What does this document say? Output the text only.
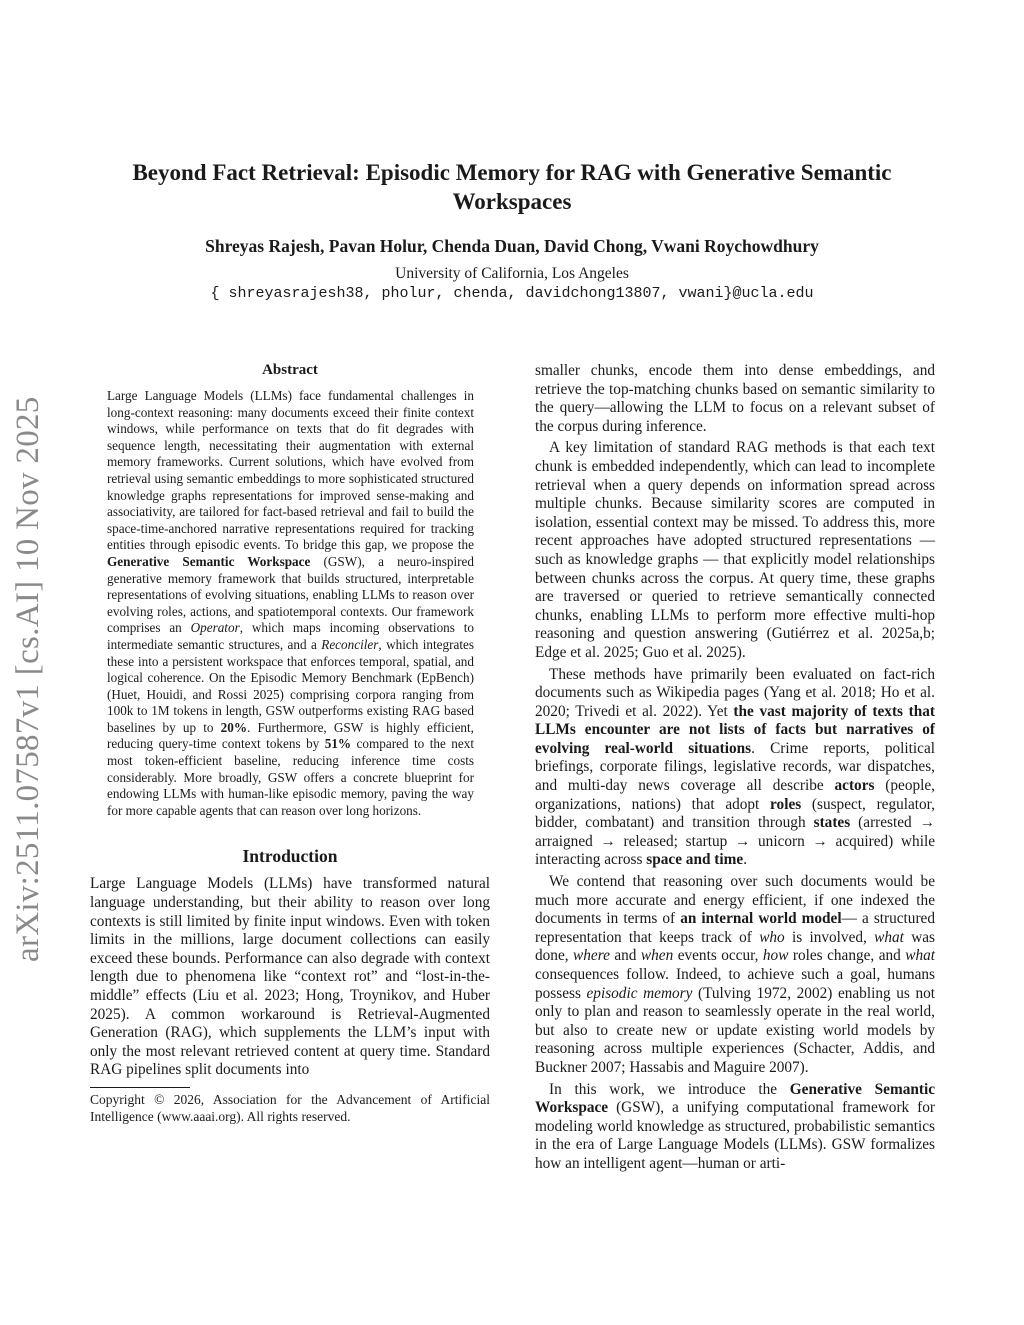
arXiv:2511.07587v1 [cs.AI] 10 Nov 2025
Beyond Fact Retrieval: Episodic Memory for RAG with Generative Semantic Workspaces
Shreyas Rajesh, Pavan Holur, Chenda Duan, David Chong, Vwani Roychowdhury
University of California, Los Angeles
{ shreyasrajesh38, pholur, chenda, davidchong13807, vwani}@ucla.edu
Abstract

Large Language Models (LLMs) face fundamental challenges in long-context reasoning: many documents exceed their finite context windows, while performance on texts that do fit degrades with sequence length, necessitating their augmentation with external memory frameworks. Current solutions, which have evolved from retrieval using semantic embeddings to more sophisticated structured knowledge graphs representations for improved sense-making and associativity, are tailored for fact-based retrieval and fail to build the space-time-anchored narrative representations required for tracking entities through episodic events. To bridge this gap, we propose the Generative Semantic Workspace (GSW), a neuro-inspired generative memory framework that builds structured, interpretable representations of evolving situations, enabling LLMs to reason over evolving roles, actions, and spatiotemporal contexts. Our framework comprises an Operator, which maps incoming observations to intermediate semantic structures, and a Reconciler, which integrates these into a persistent workspace that enforces temporal, spatial, and logical coherence. On the Episodic Memory Benchmark (EpBench) (Huet, Houidi, and Rossi 2025) comprising corpora ranging from 100k to 1M tokens in length, GSW outperforms existing RAG based baselines by up to 20%. Furthermore, GSW is highly efficient, reducing query-time context tokens by 51% compared to the next most token-efficient baseline, reducing inference time costs considerably. More broadly, GSW offers a concrete blueprint for endowing LLMs with human-like episodic memory, paving the way for more capable agents that can reason over long horizons.

Introduction

Large Language Models (LLMs) have transformed natural language understanding, but their ability to reason over long contexts is still limited by finite input windows. Even with token limits in the millions, large document collections can easily exceed these bounds. Performance can also degrade with context length due to phenomena like “context rot” and “lost-in-the-middle” effects (Liu et al. 2023; Hong, Troynikov, and Huber 2025). A common workaround is Retrieval-Augmented Generation (RAG), which supplements the LLM’s input with only the most relevant retrieved content at query time. Standard RAG pipelines split documents into

Copyright © 2026, Association for the Advancement of Artificial Intelligence (www.aaai.org). All rights reserved.

smaller chunks, encode them into dense embeddings, and retrieve the top-matching chunks based on semantic similarity to the query—allowing the LLM to focus on a relevant subset of the corpus during inference.

A key limitation of standard RAG methods is that each text chunk is embedded independently, which can lead to incomplete retrieval when a query depends on information spread across multiple chunks. Because similarity scores are computed in isolation, essential context may be missed. To address this, more recent approaches have adopted structured representations — such as knowledge graphs — that explicitly model relationships between chunks across the corpus. At query time, these graphs are traversed or queried to retrieve semantically connected chunks, enabling LLMs to perform more effective multi-hop reasoning and question answering (Gutiérrez et al. 2025a,b; Edge et al. 2025; Guo et al. 2025).

These methods have primarily been evaluated on fact-rich documents such as Wikipedia pages (Yang et al. 2018; Ho et al. 2020; Trivedi et al. 2022). Yet the vast majority of texts that LLMs encounter are not lists of facts but narratives of evolving real-world situations. Crime reports, political briefings, corporate filings, legislative records, war dispatches, and multi-day news coverage all describe actors (people, organizations, nations) that adopt roles (suspect, regulator, bidder, combatant) and transition through states (arrested → arraigned → released; startup → unicorn → acquired) while interacting across space and time.

We contend that reasoning over such documents would be much more accurate and energy efficient, if one indexed the documents in terms of an internal world model— a structured representation that keeps track of who is involved, what was done, where and when events occur, how roles change, and what consequences follow. Indeed, to achieve such a goal, humans possess episodic memory (Tulving 1972, 2002) enabling us not only to plan and reason to seamlessly operate in the real world, but also to create new or update existing world models by reasoning across multiple experiences (Schacter, Addis, and Buckner 2007; Hassabis and Maguire 2007).

In this work, we introduce the Generative Semantic Workspace (GSW), a unifying computational framework for modeling world knowledge as structured, probabilistic semantics in the era of Large Language Models (LLMs). GSW formalizes how an intelligent agent—human or arti-
